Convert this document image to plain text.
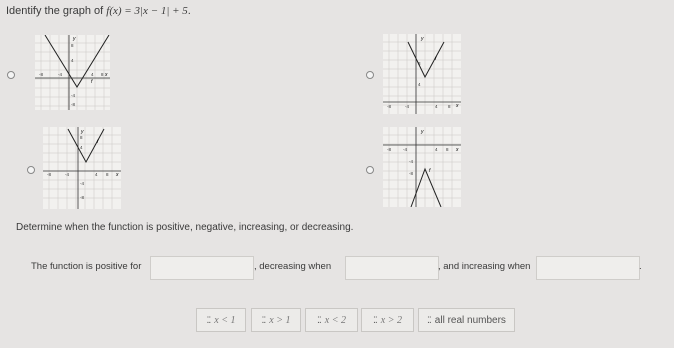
Identify the graph of f(x) = 3|x − 1| + 5.
-8	-4	4 8
8
4
-4
-8
y
x
f
-8	-4	4 8
8
4
y
x
f
-8	-4	4 8
8
4
-4
-8
y
x
f
-8	-4	4 8
-4
-8
y
x
f
Determine when the function is positive, negative, increasing, or decreasing.
The function is positive for	, decreasing when	, and increasing when	.
⁚⁚ x < 1	⁚⁚ x > 1	⁚⁚ x < 2	⁚⁚ x > 2	⁚⁚ all real numbers
